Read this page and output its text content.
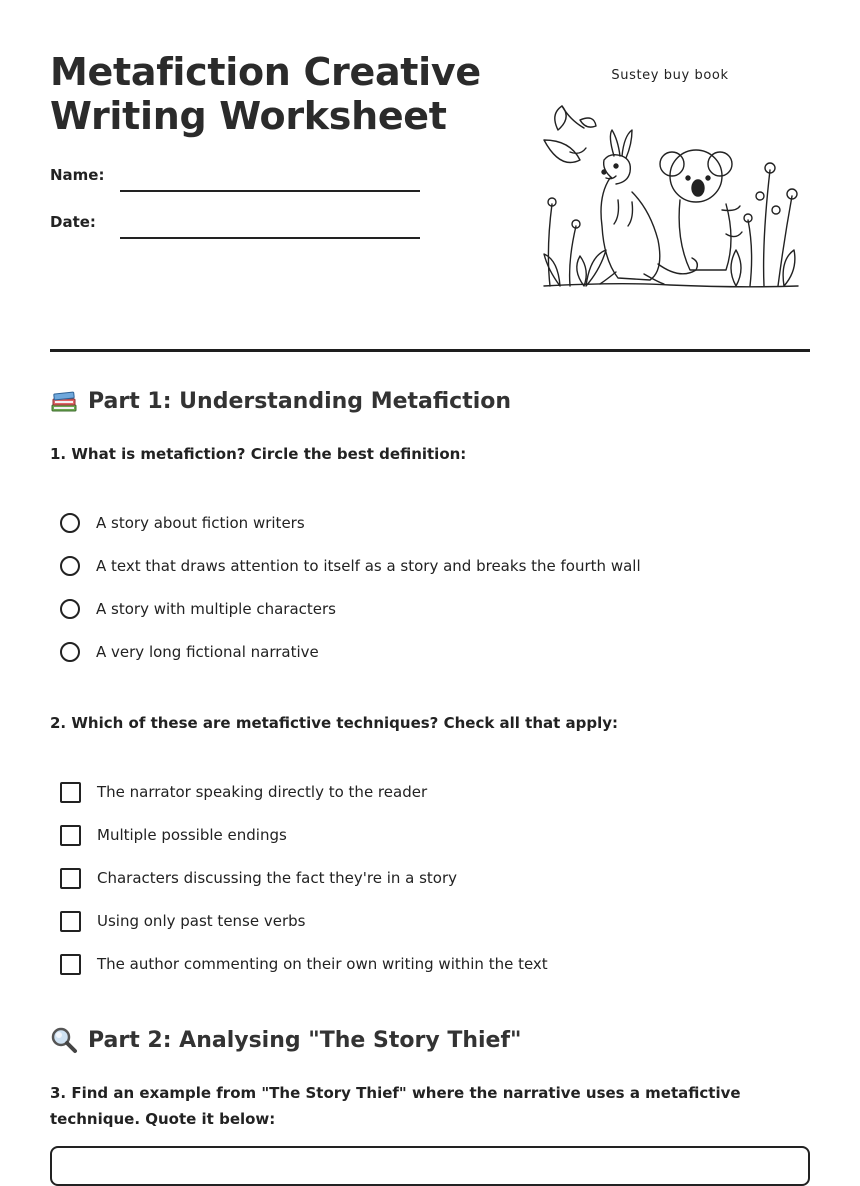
Metafiction Creative Writing Worksheet
Name:
Date:
Sustey buy book
Part 1: Understanding Metafiction
1. What is metafiction? Circle the best definition:
A story about fiction writers
A text that draws attention to itself as a story and breaks the fourth wall
A story with multiple characters
A very long fictional narrative
2. Which of these are metafictive techniques? Check all that apply:
The narrator speaking directly to the reader
Multiple possible endings
Characters discussing the fact they're in a story
Using only past tense verbs
The author commenting on their own writing within the text
Part 2: Analysing "The Story Thief"
3. Find an example from "The Story Thief" where the narrative uses a metafictive technique. Quote it below:
